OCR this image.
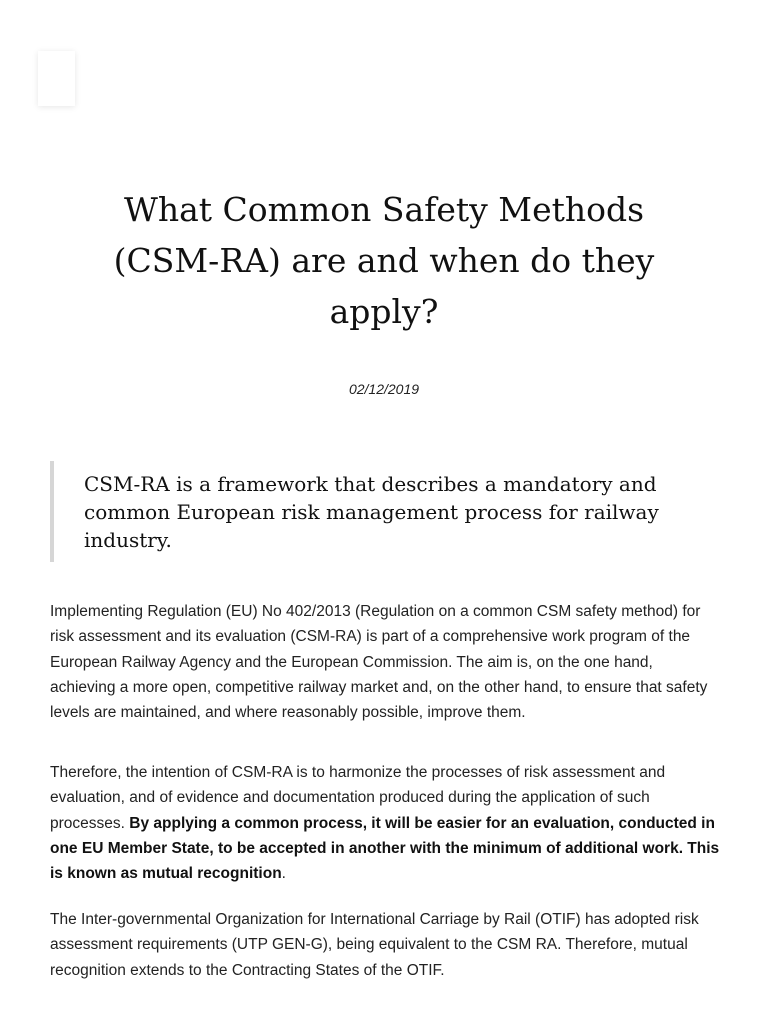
What Common Safety Methods (CSM-RA) are and when do they apply?
02/12/2019

CSM-RA is a framework that describes a mandatory and common European risk management process for railway industry.

Implementing Regulation (EU) No 402/2013 (Regulation on a common CSM safety method) for risk assessment and its evaluation (CSM-RA) is part of a comprehensive work program of the European Railway Agency and the European Commission. The aim is, on the one hand, achieving a more open, competitive railway market and, on the other hand, to ensure that safety levels are maintained, and where reasonably possible, improve them.

Therefore, the intention of CSM-RA is to harmonize the processes of risk assessment and evaluation, and of evidence and documentation produced during the application of such processes. By applying a common process, it will be easier for an evaluation, conducted in one EU Member State, to be accepted in another with the minimum of additional work. This is known as mutual recognition.

The Inter-governmental Organization for International Carriage by Rail (OTIF) has adopted risk assessment requirements (UTP GEN-G), being equivalent to the CSM RA. Therefore, mutual recognition extends to the Contracting States of the OTIF.
